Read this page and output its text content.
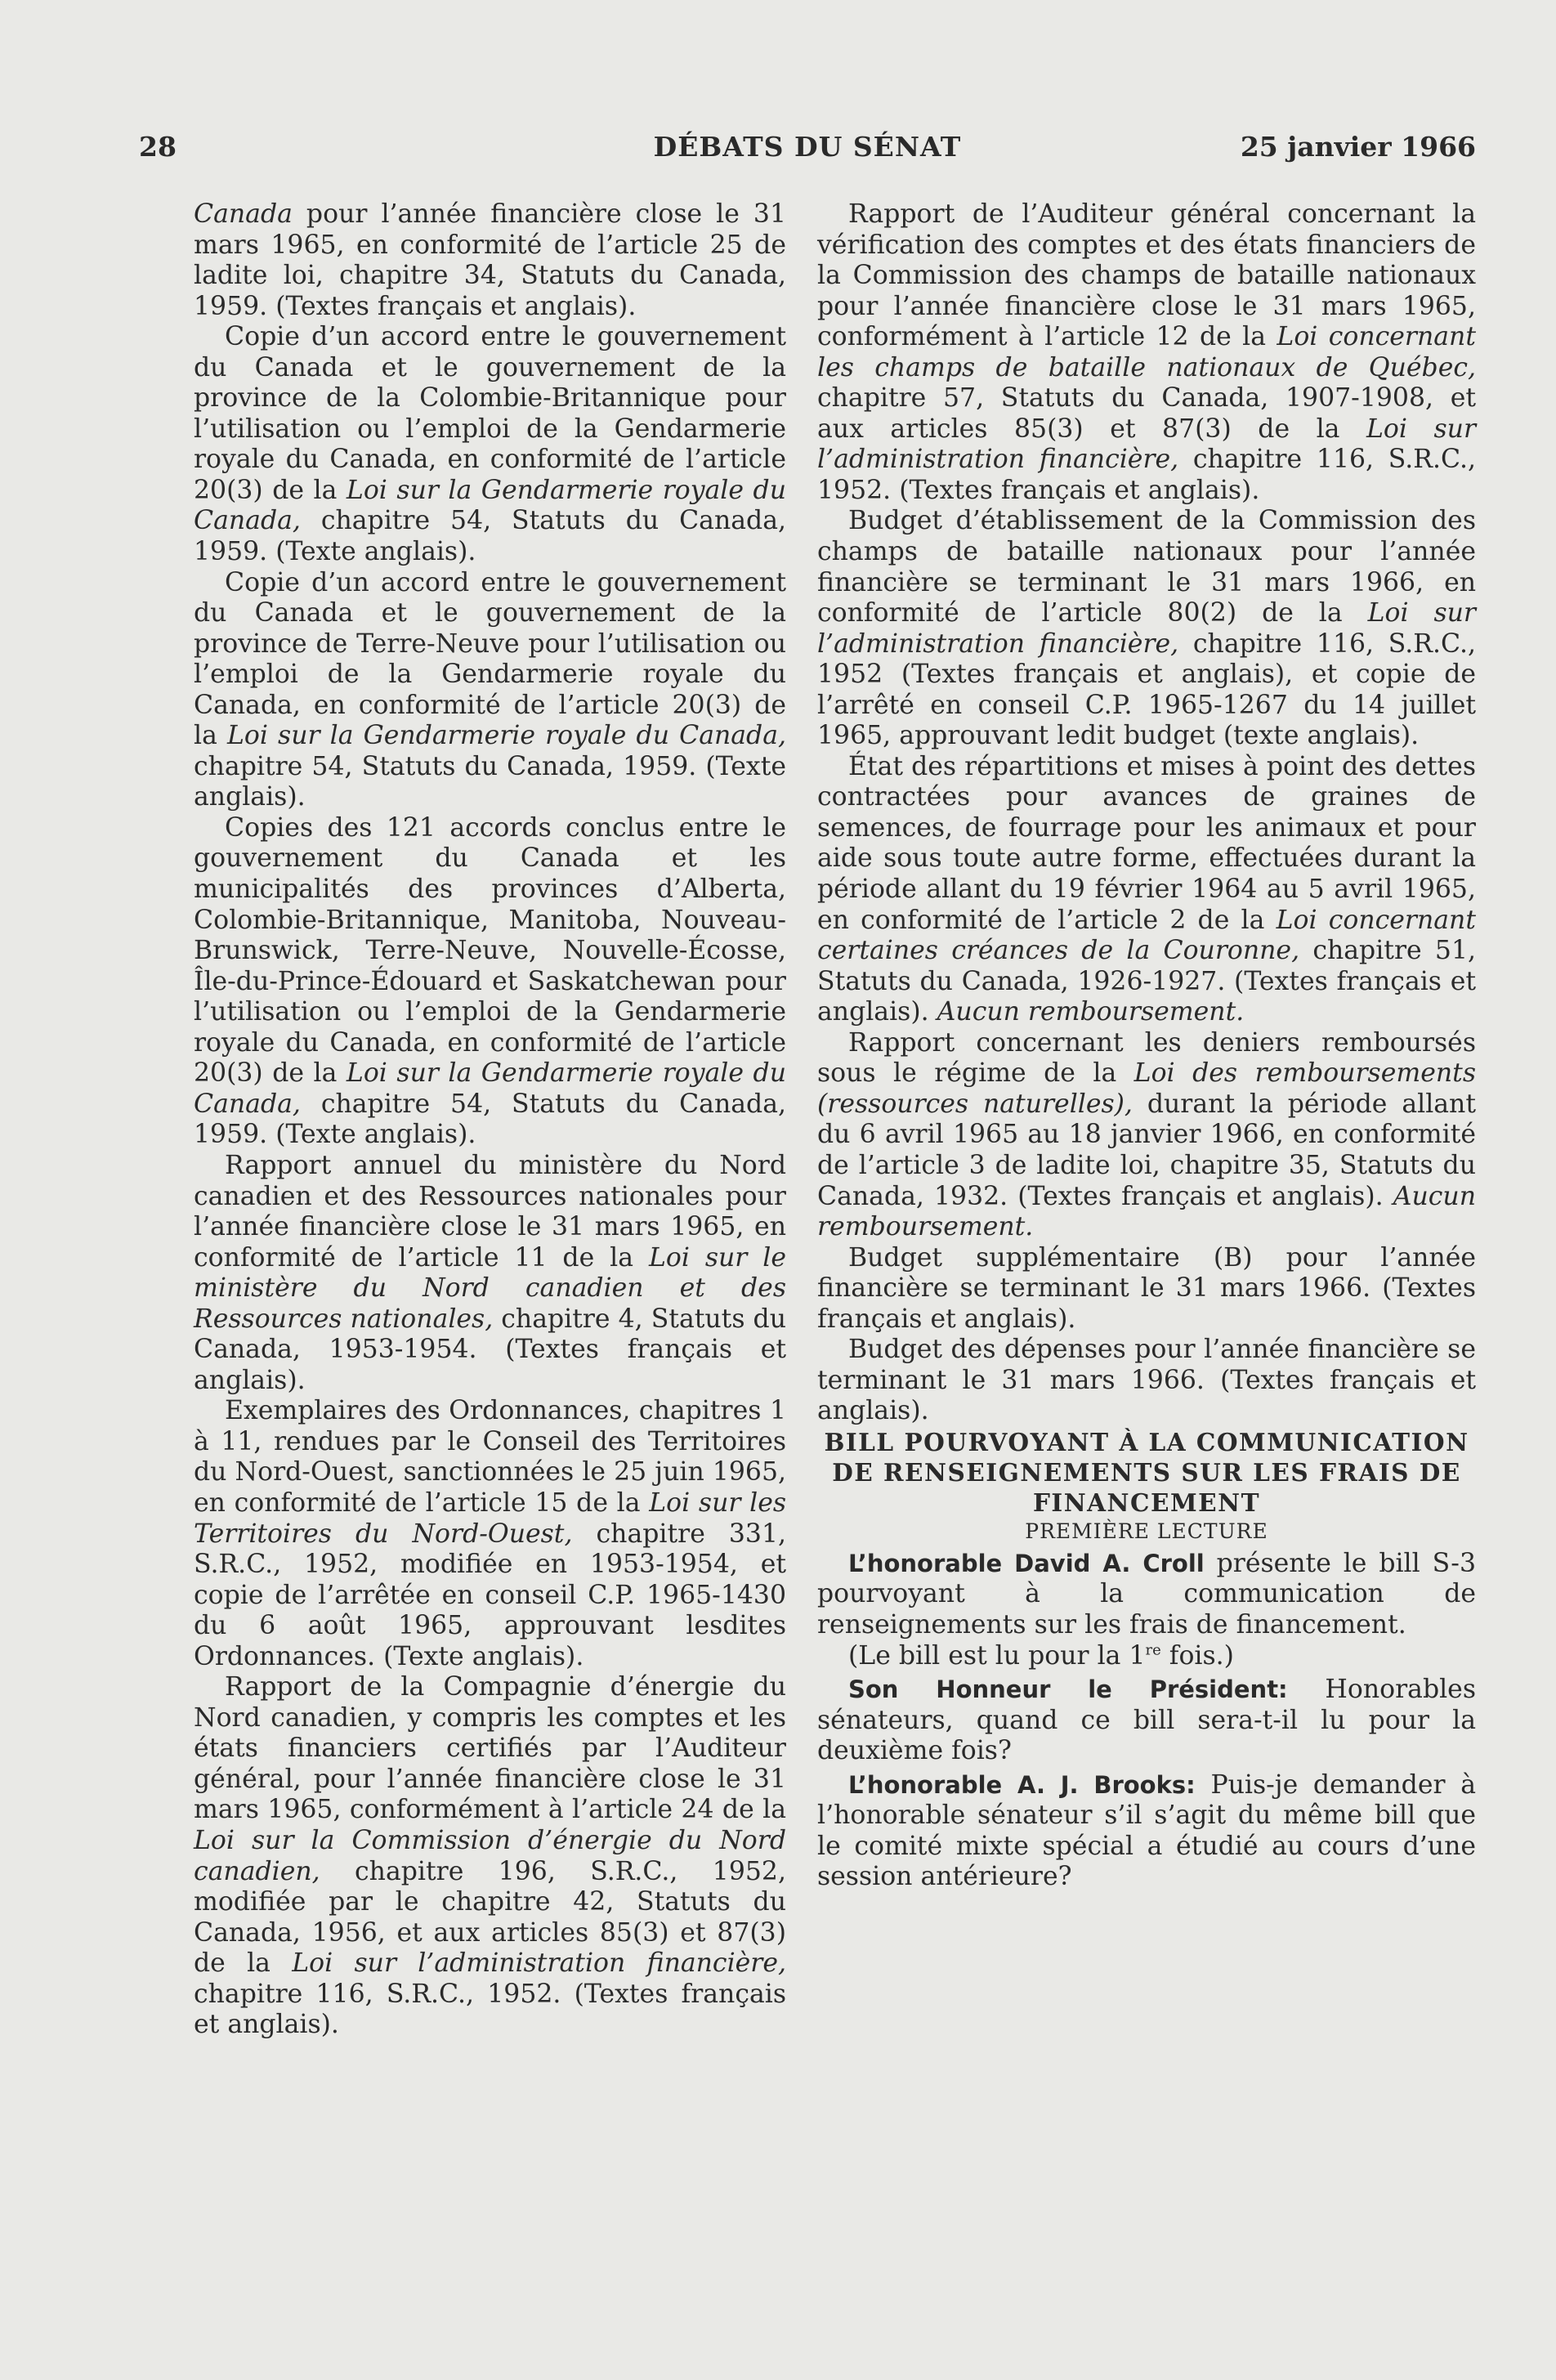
28	DÉBATS DU SÉNAT	25 janvier 1966

Canada pour l’année financière close le 31 mars 1965, en conformité de l’article 25 de ladite loi, chapitre 34, Statuts du Canada, 1959. (Textes français et anglais).

Copie d’un accord entre le gouvernement du Canada et le gouvernement de la province de la Colombie-Britannique pour l’utilisation ou l’emploi de la Gendarmerie royale du Canada, en conformité de l’article 20(3) de la Loi sur la Gendarmerie royale du Canada, chapitre 54, Statuts du Canada, 1959. (Texte anglais).

Copie d’un accord entre le gouvernement du Canada et le gouvernement de la province de Terre-Neuve pour l’utilisation ou l’emploi de la Gendarmerie royale du Canada, en conformité de l’article 20(3) de la Loi sur la Gendarmerie royale du Canada, chapitre 54, Statuts du Canada, 1959. (Texte anglais).

Copies des 121 accords conclus entre le gouvernement du Canada et les municipalités des provinces d’Alberta, Colombie-Britannique, Manitoba, Nouveau-Brunswick, Terre-Neuve, Nouvelle-Écosse, Île-du-Prince-Édouard et Saskatchewan pour l’utilisation ou l’emploi de la Gendarmerie royale du Canada, en conformité de l’article 20(3) de la Loi sur la Gendarmerie royale du Canada, chapitre 54, Statuts du Canada, 1959. (Texte anglais).

Rapport annuel du ministère du Nord canadien et des Ressources nationales pour l’année financière close le 31 mars 1965, en conformité de l’article 11 de la Loi sur le ministère du Nord canadien et des Ressources nationales, chapitre 4, Statuts du Canada, 1953-1954. (Textes français et anglais).

Exemplaires des Ordonnances, chapitres 1 à 11, rendues par le Conseil des Territoires du Nord-Ouest, sanctionnées le 25 juin 1965, en conformité de l’article 15 de la Loi sur les Territoires du Nord-Ouest, chapitre 331, S.R.C., 1952, modifiée en 1953-1954, et copie de l’arrêtée en conseil C.P. 1965-1430 du 6 août 1965, approuvant lesdites Ordonnances. (Texte anglais).

Rapport de la Compagnie d’énergie du Nord canadien, y compris les comptes et les états financiers certifiés par l’Auditeur général, pour l’année financière close le 31 mars 1965, conformément à l’article 24 de la Loi sur la Commission d’énergie du Nord canadien, chapitre 196, S.R.C., 1952, modifiée par le chapitre 42, Statuts du Canada, 1956, et aux articles 85(3) et 87(3) de la Loi sur l’administration financière, chapitre 116, S.R.C., 1952. (Textes français et anglais).

Rapport de l’Auditeur général concernant la vérification des comptes et des états financiers de la Commission des champs de bataille nationaux pour l’année financière close le 31 mars 1965, conformément à l’article 12 de la Loi concernant les champs de bataille nationaux de Québec, chapitre 57, Statuts du Canada, 1907-1908, et aux articles 85(3) et 87(3) de la Loi sur l’administration financière, chapitre 116, S.R.C., 1952. (Textes français et anglais).

Budget d’établissement de la Commission des champs de bataille nationaux pour l’année financière se terminant le 31 mars 1966, en conformité de l’article 80(2) de la Loi sur l’administration financière, chapitre 116, S.R.C., 1952 (Textes français et anglais), et copie de l’arrêté en conseil C.P. 1965-1267 du 14 juillet 1965, approuvant ledit budget (texte anglais).

État des répartitions et mises à point des dettes contractées pour avances de graines de semences, de fourrage pour les animaux et pour aide sous toute autre forme, effectuées durant la période allant du 19 février 1964 au 5 avril 1965, en conformité de l’article 2 de la Loi concernant certaines créances de la Couronne, chapitre 51, Statuts du Canada, 1926-1927. (Textes français et anglais). Aucun remboursement.

Rapport concernant les deniers remboursés sous le régime de la Loi des remboursements (ressources naturelles), durant la période allant du 6 avril 1965 au 18 janvier 1966, en conformité de l’article 3 de ladite loi, chapitre 35, Statuts du Canada, 1932. (Textes français et anglais). Aucun remboursement.

Budget supplémentaire (B) pour l’année financière se terminant le 31 mars 1966. (Textes français et anglais).

Budget des dépenses pour l’année financière se terminant le 31 mars 1966. (Textes français et anglais).

BILL POURVOYANT À LA COMMUNICATION DE RENSEIGNEMENTS SUR LES FRAIS DE FINANCEMENT

PREMIÈRE LECTURE

L’honorable David A. Croll présente le bill S-3 pourvoyant à la communication de renseignements sur les frais de financement.

(Le bill est lu pour la 1re fois.)

Son Honneur le Président: Honorables sénateurs, quand ce bill sera-t-il lu pour la deuxième fois?

L’honorable A. J. Brooks: Puis-je demander à l’honorable sénateur s’il s’agit du même bill que le comité mixte spécial a étudié au cours d’une session antérieure?
